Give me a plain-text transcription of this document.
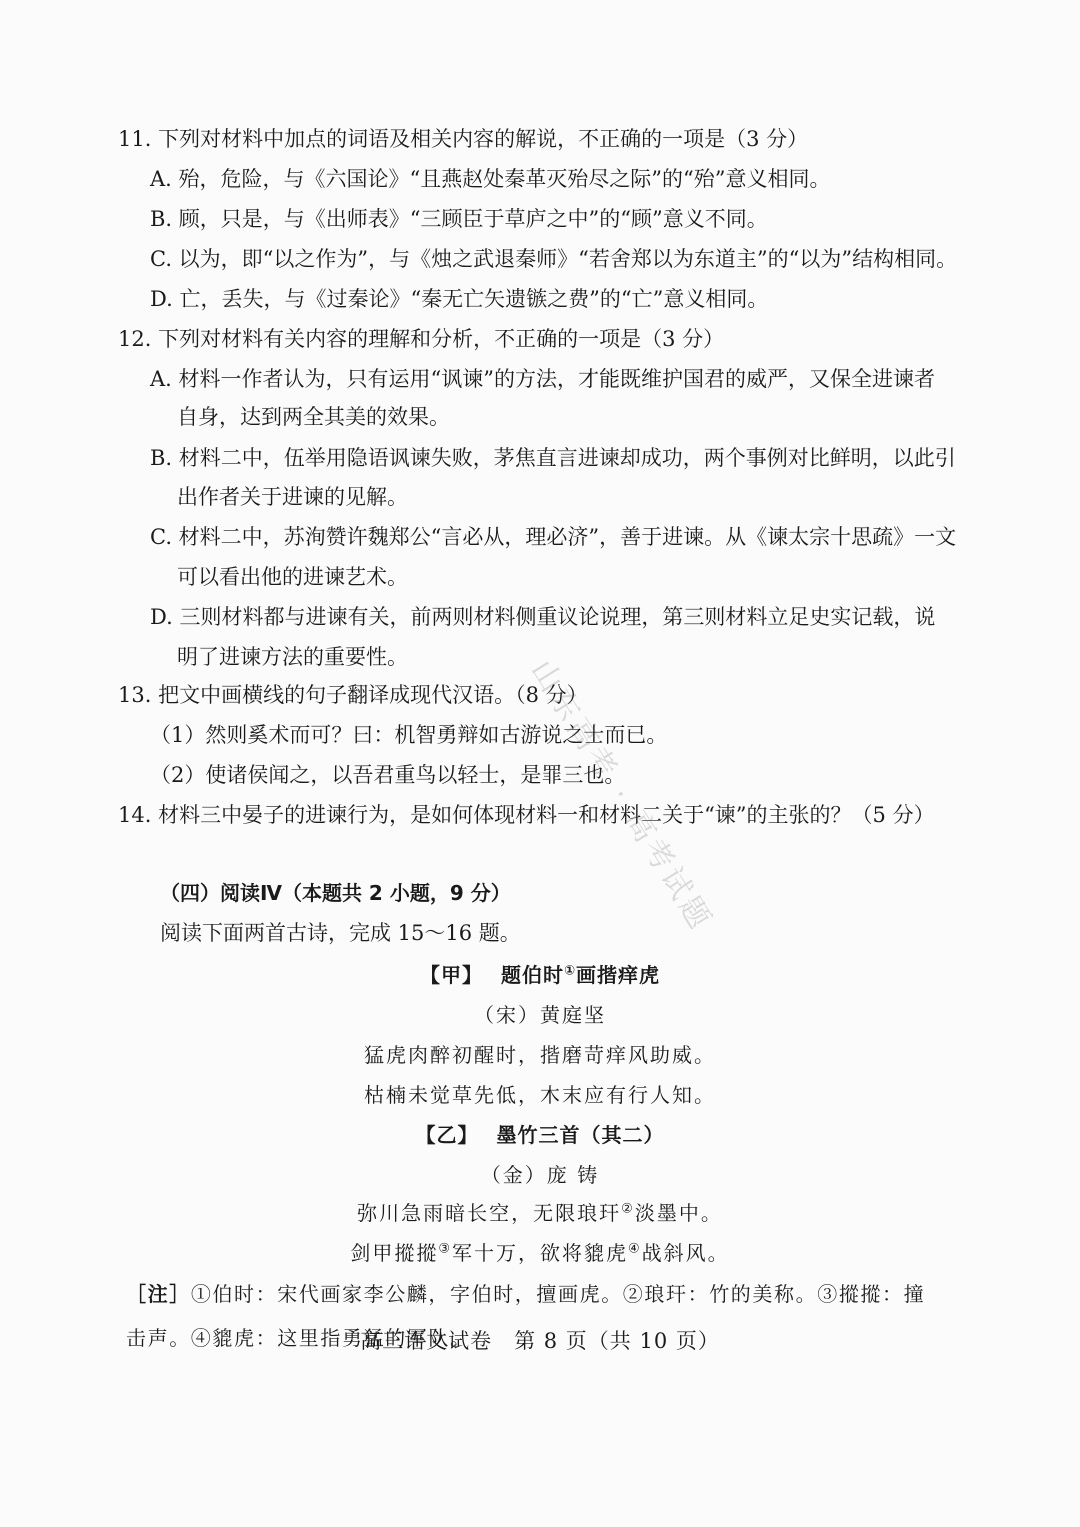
11. 下列对材料中加点的词语及相关内容的解说，不正确的一项是（3 分）
A. 殆，危险，与《六国论》“且燕赵处秦革灭殆尽之际”的“殆”意义相同。
B. 顾，只是，与《出师表》“三顾臣于草庐之中”的“顾”意义不同。
C. 以为，即“以之作为”，与《烛之武退秦师》“若舍郑以为东道主”的“以为”结构相同。
D. 亡，丢失，与《过秦论》“秦无亡矢遗镞之费”的“亡”意义相同。
12. 下列对材料有关内容的理解和分析，不正确的一项是（3 分）
A. 材料一作者认为，只有运用“讽谏”的方法，才能既维护国君的威严，又保全进谏者
自身，达到两全其美的效果。
B. 材料二中，伍举用隐语讽谏失败，茅焦直言进谏却成功，两个事例对比鲜明，以此引
出作者关于进谏的见解。
C. 材料二中，苏洵赞许魏郑公“言必从，理必济”，善于进谏。从《谏太宗十思疏》一文
可以看出他的进谏艺术。
D. 三则材料都与进谏有关，前两则材料侧重议论说理，第三则材料立足史实记载，说
明了进谏方法的重要性。
13. 把文中画横线的句子翻译成现代汉语。（8 分）
（1）然则奚术而可？曰：机智勇辩如古游说之士而已。
（2）使诸侯闻之，以吾君重鸟以轻士，是罪三也。
14. 材料三中晏子的进谏行为，是如何体现材料一和材料二关于“谏”的主张的？（5 分）
（四）阅读Ⅳ（本题共 2 小题，9 分）
阅读下面两首古诗，完成 15～16 题。
【甲】 题伯时①画揩痒虎
（宋）黄庭坚
猛虎肉醉初醒时，揩磨苛痒风助威。
枯楠未觉草先低，木末应有行人知。
【乙】 墨竹三首（其二）
（金）庞 铸
弥川急雨暗长空，无限琅玕②淡墨中。
剑甲摐摐③军十万，欲将貔虎④战斜风。
［注］①伯时：宋代画家李公麟，字伯时，擅画虎。②琅玕：竹的美称。③摐摐：撞击声。④貔虎：这里指勇猛的军队。
高三语文试卷　第 8 页（共 10 页）
山东高考 · 高考试题
